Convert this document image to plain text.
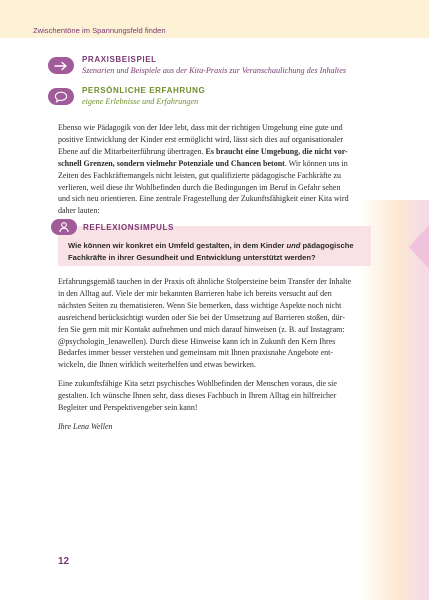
Zwischentöne im Spannungsfeld finden
PRAXISBEISPIEL
Szenarien und Beispiele aus der Kita-Praxis zur Veranschaulichung des Inhaltes
PERSÖNLICHE ERFAHRUNG
eigene Erlebnisse und Erfahrungen
Ebenso wie Pädagogik von der Idee lebt, dass mit der richtigen Umgebung eine gute und
positive Entwicklung der Kinder erst ermöglicht wird, lässt sich dies auf organisationaler
Ebene auf die Mitarbeiterführung übertragen. Es braucht eine Umgebung, die nicht vor-
schnell Grenzen, sondern vielmehr Potenziale und Chancen betont. Wir können uns in
Zeiten des Fachkräftemangels nicht leisten, gut qualifizierte pädagogische Fachkräfte zu
verlieren, weil diese ihr Wohlbefinden durch die Bedingungen im Beruf in Gefahr sehen
und sich neu orientieren. Eine zentrale Fragestellung der Zukunftsfähigkeit einer Kita wird
daher lauten:
REFLEXIONSIMPULS
Wie können wir konkret ein Umfeld gestalten, in dem Kinder und pädagogische
Fachkräfte in ihrer Gesundheit und Entwicklung unterstützt werden?
Erfahrungsgemäß tauchen in der Praxis oft ähnliche Stolpersteine beim Transfer der Inhalte
in den Alltag auf. Viele der mir bekannten Barrieren habe ich bereits versucht auf den
nächsten Seiten zu thematisieren. Wenn Sie bemerken, dass wichtige Aspekte noch nicht
ausreichend berücksichtigt wurden oder Sie bei der Umsetzung auf Barrieren stoßen, dür-
fen Sie gern mit mir Kontakt aufnehmen und mich darauf hinweisen (z. B. auf Instagram:
@psychologin_lenawellen). Durch diese Hinweise kann ich in Zukunft den Kern Ihres
Bedarfes immer besser verstehen und gemeinsam mit Ihnen praxisnahe Angebote ent-
wickeln, die Ihnen wirklich weiterhelfen und etwas bewirken.
Eine zukunftsfähige Kita setzt psychisches Wohlbefinden der Menschen voraus, die sie
gestalten. Ich wünsche Ihnen sehr, dass dieses Fachbuch in Ihrem Alltag ein hilfreicher
Begleiter und Perspektivengeber sein kann!
Ihre Lena Wellen
12
